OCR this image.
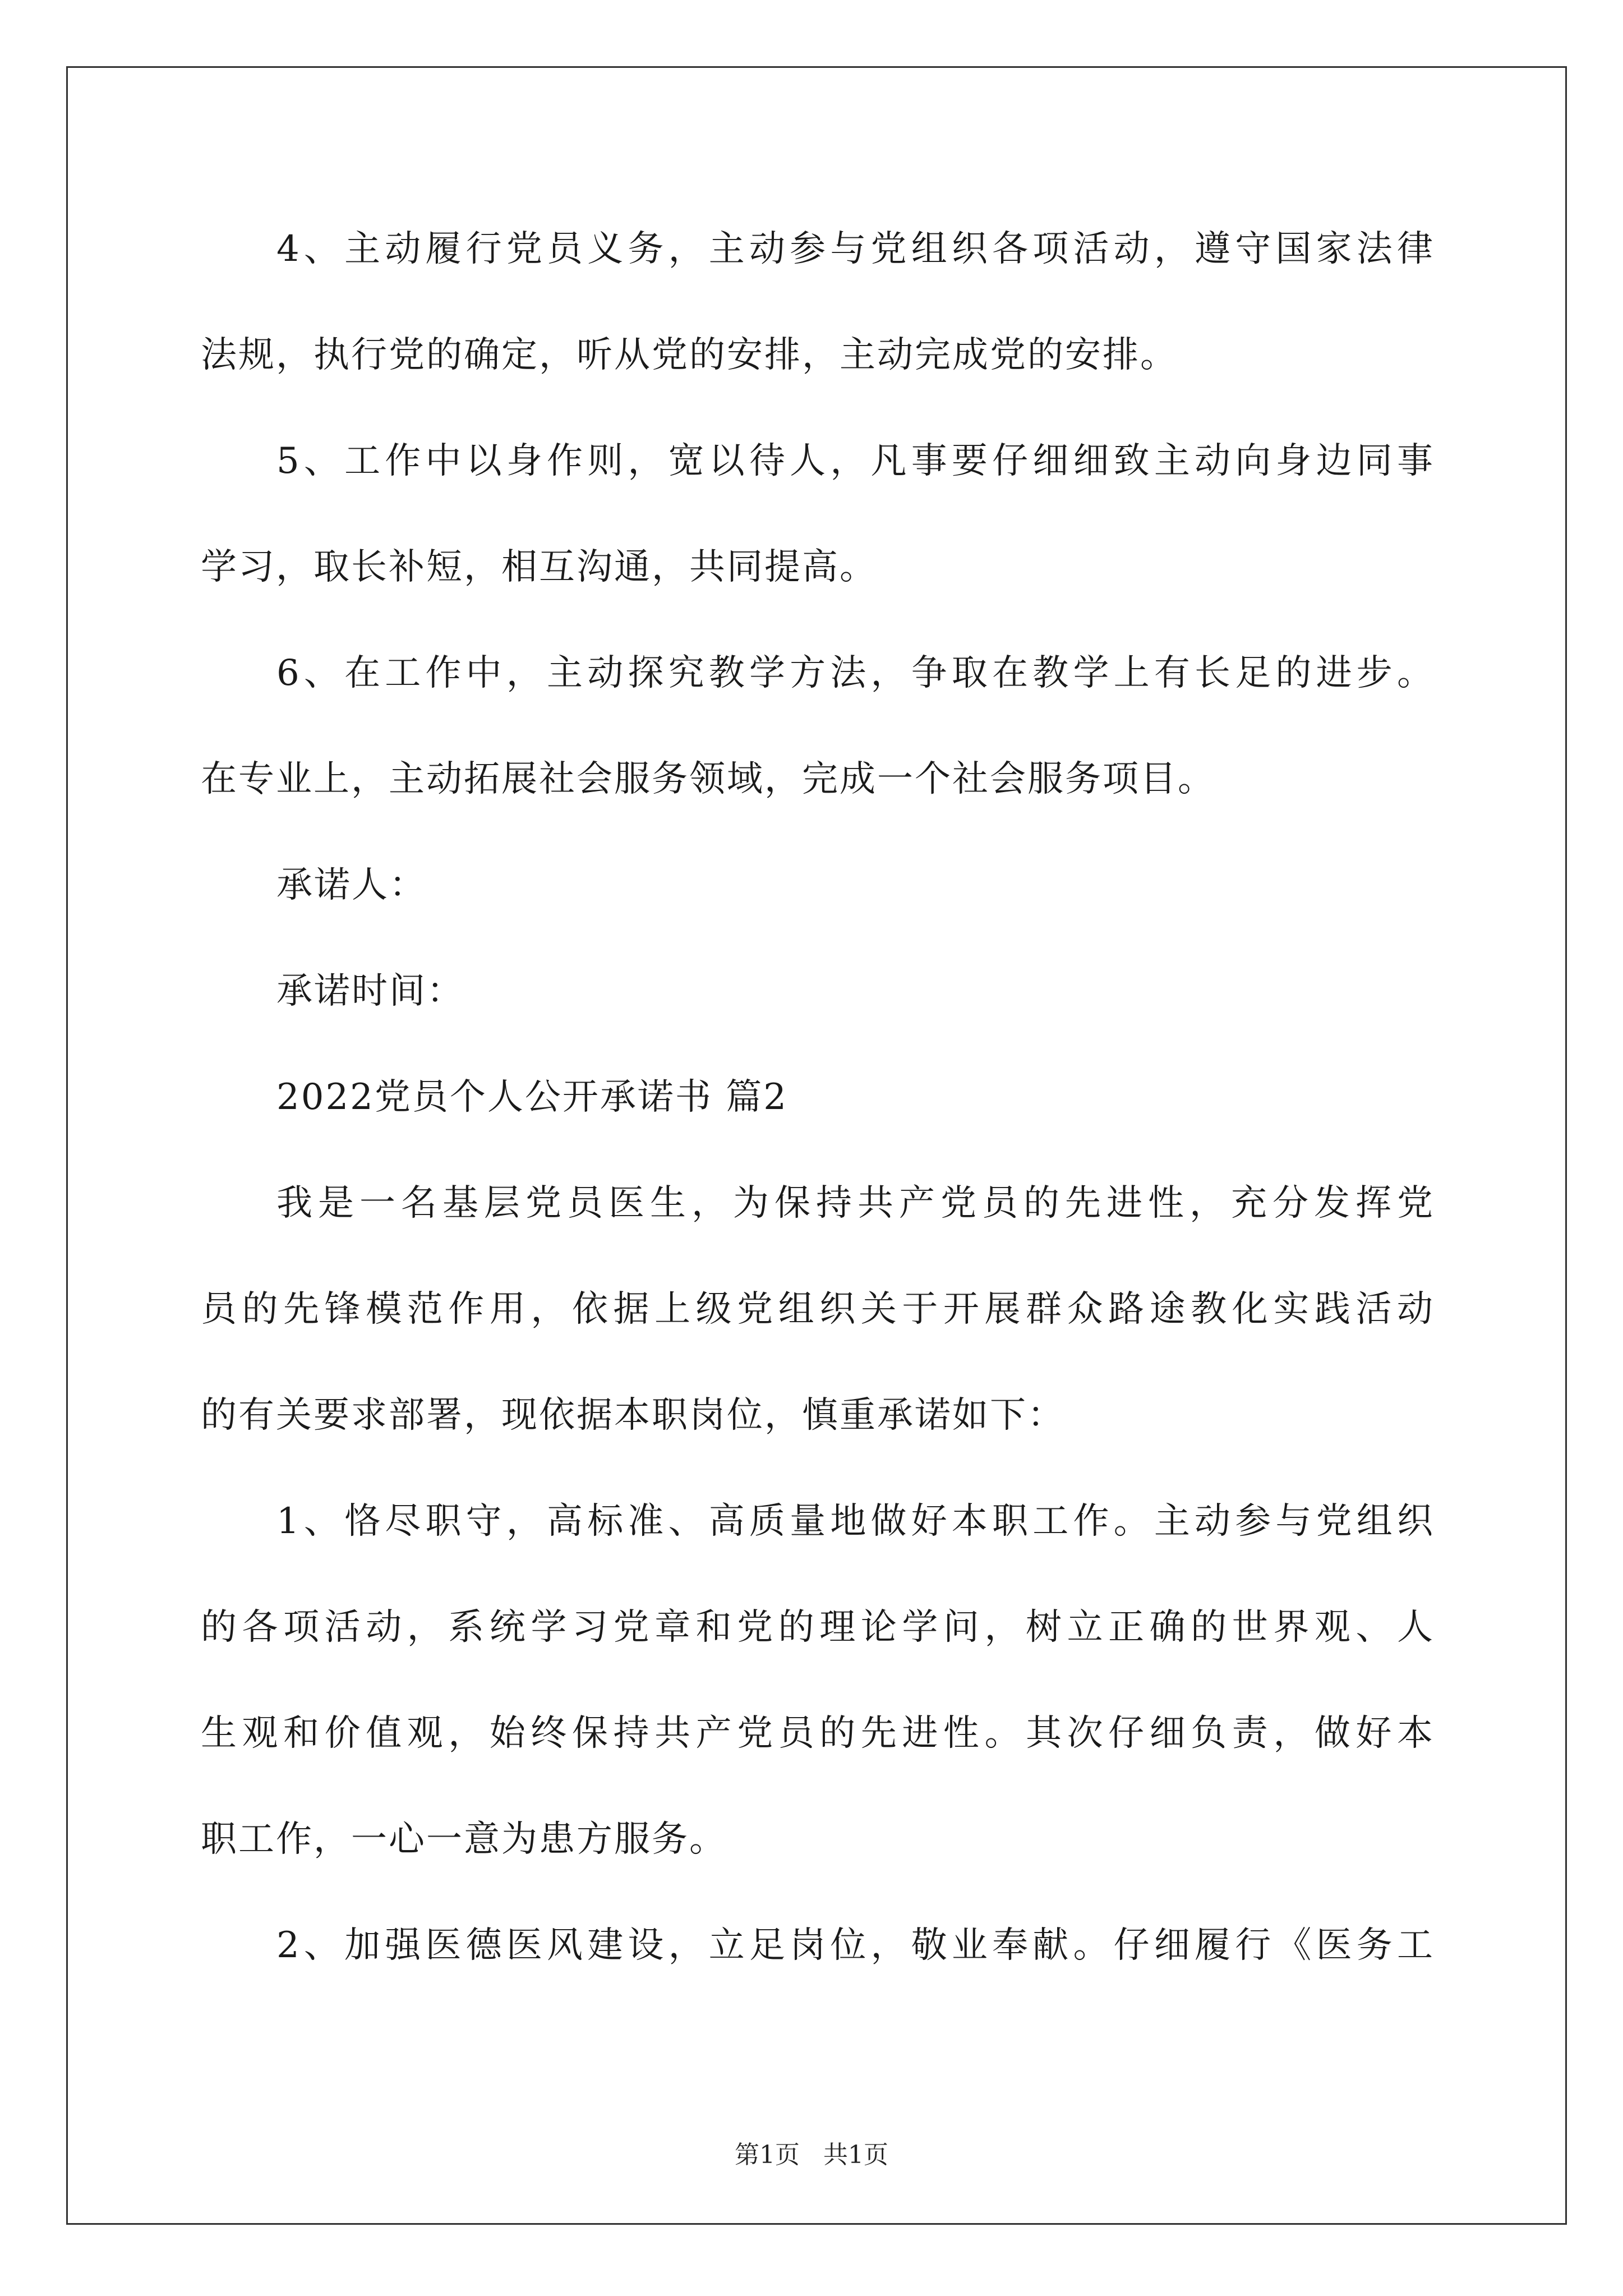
4、主动履行党员义务，主动参与党组织各项活动，遵守国家法律
法规，执行党的确定，听从党的安排，主动完成党的安排。
5、工作中以身作则，宽以待人，凡事要仔细细致主动向身边同事
学习，取长补短，相互沟通，共同提高。
6、在工作中，主动探究教学方法，争取在教学上有长足的进步。
在专业上，主动拓展社会服务领域，完成一个社会服务项目。
承诺人：
承诺时间：
2022党员个人公开承诺书 篇2
我是一名基层党员医生，为保持共产党员的先进性，充分发挥党
员的先锋模范作用，依据上级党组织关于开展群众路途教化实践活动
的有关要求部署，现依据本职岗位，慎重承诺如下：
1、恪尽职守，高标准、高质量地做好本职工作。主动参与党组织
的各项活动，系统学习党章和党的理论学问，树立正确的世界观、人
生观和价值观，始终保持共产党员的先进性。其次仔细负责，做好本
职工作，一心一意为患方服务。
2、加强医德医风建设，立足岗位，敬业奉献。仔细履行《医务工
第1页   共1页
